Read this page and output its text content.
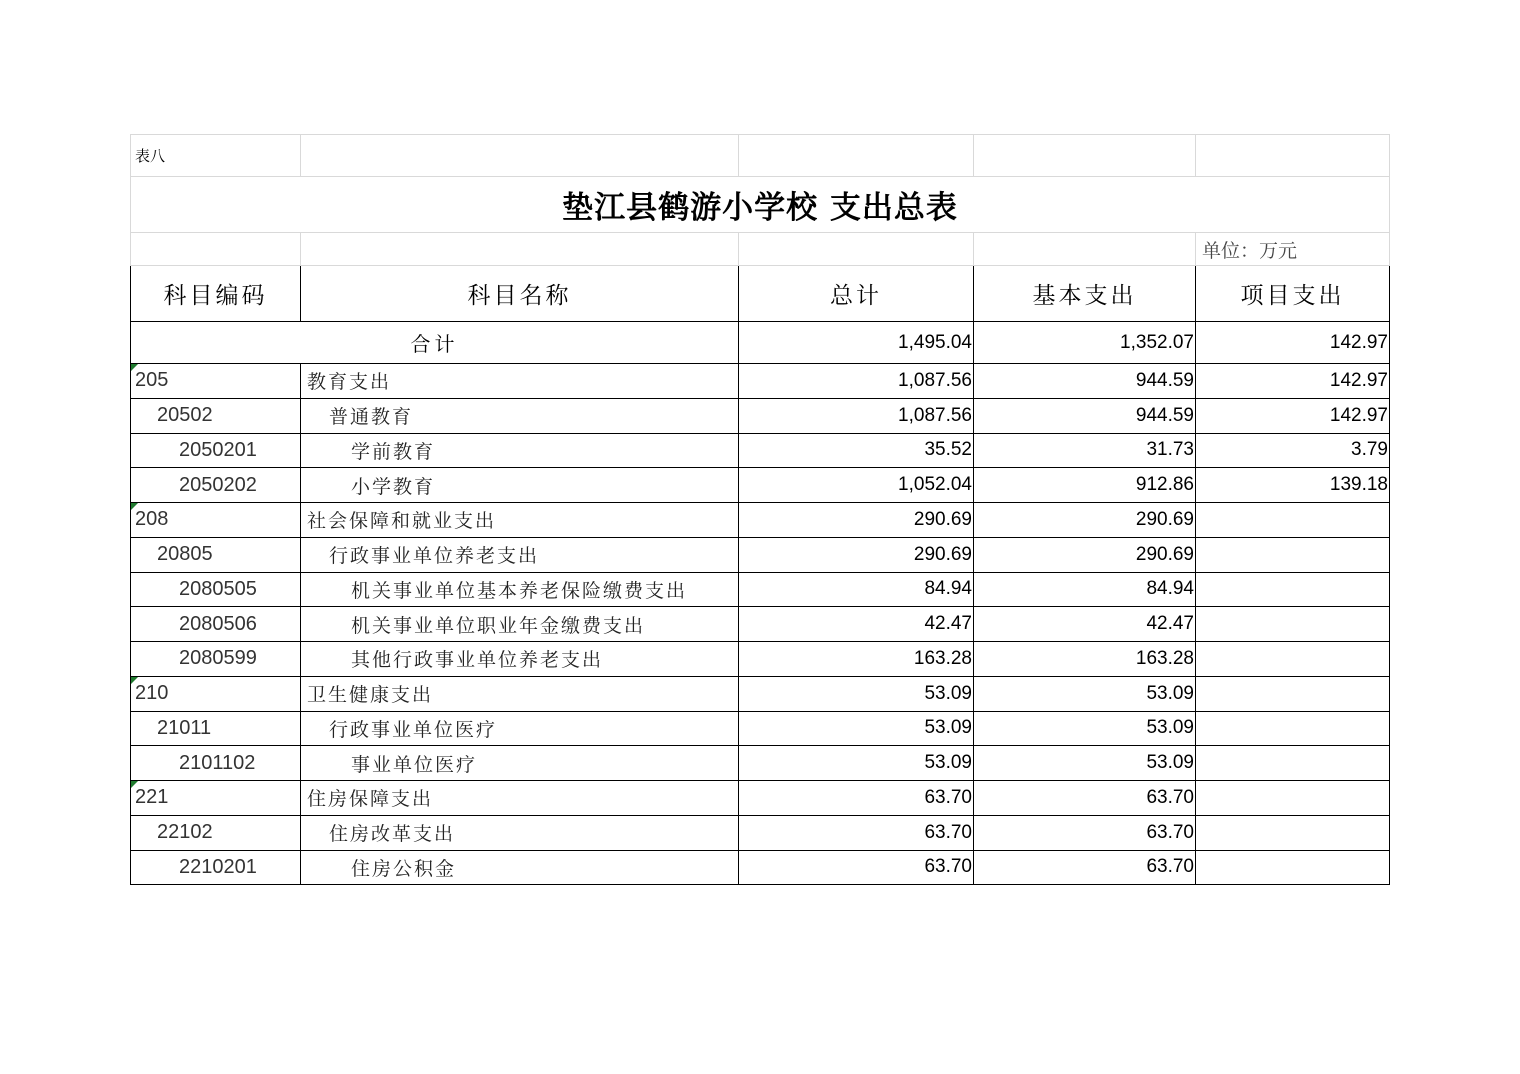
表八				
垫江县鹤游小学校 支出总表				
				单位：万元
科目编码	科目名称	总计	基本支出	项目支出
合计		1,495.04	1,352.07	142.97

205	教育支出	1,087.56	944.59	142.97
20502	普通教育	1,087.56	944.59	142.97
2050201	学前教育	35.52	31.73	3.79
2050202	小学教育	1,052.04	912.86	139.18

208	社会保障和就业支出	290.69	290.69	
20805	行政事业单位养老支出	290.69	290.69	
2080505	机关事业单位基本养老保险缴费支出	84.94	84.94	
2080506	机关事业单位职业年金缴费支出	42.47	42.47	
2080599	其他行政事业单位养老支出	163.28	163.28	

210	卫生健康支出	53.09	53.09	
21011	行政事业单位医疗	53.09	53.09	
2101102	事业单位医疗	53.09	53.09	

221	住房保障支出	63.70	63.70	
22102	住房改革支出	63.70	63.70	
2210201	住房公积金	63.70	63.70	
